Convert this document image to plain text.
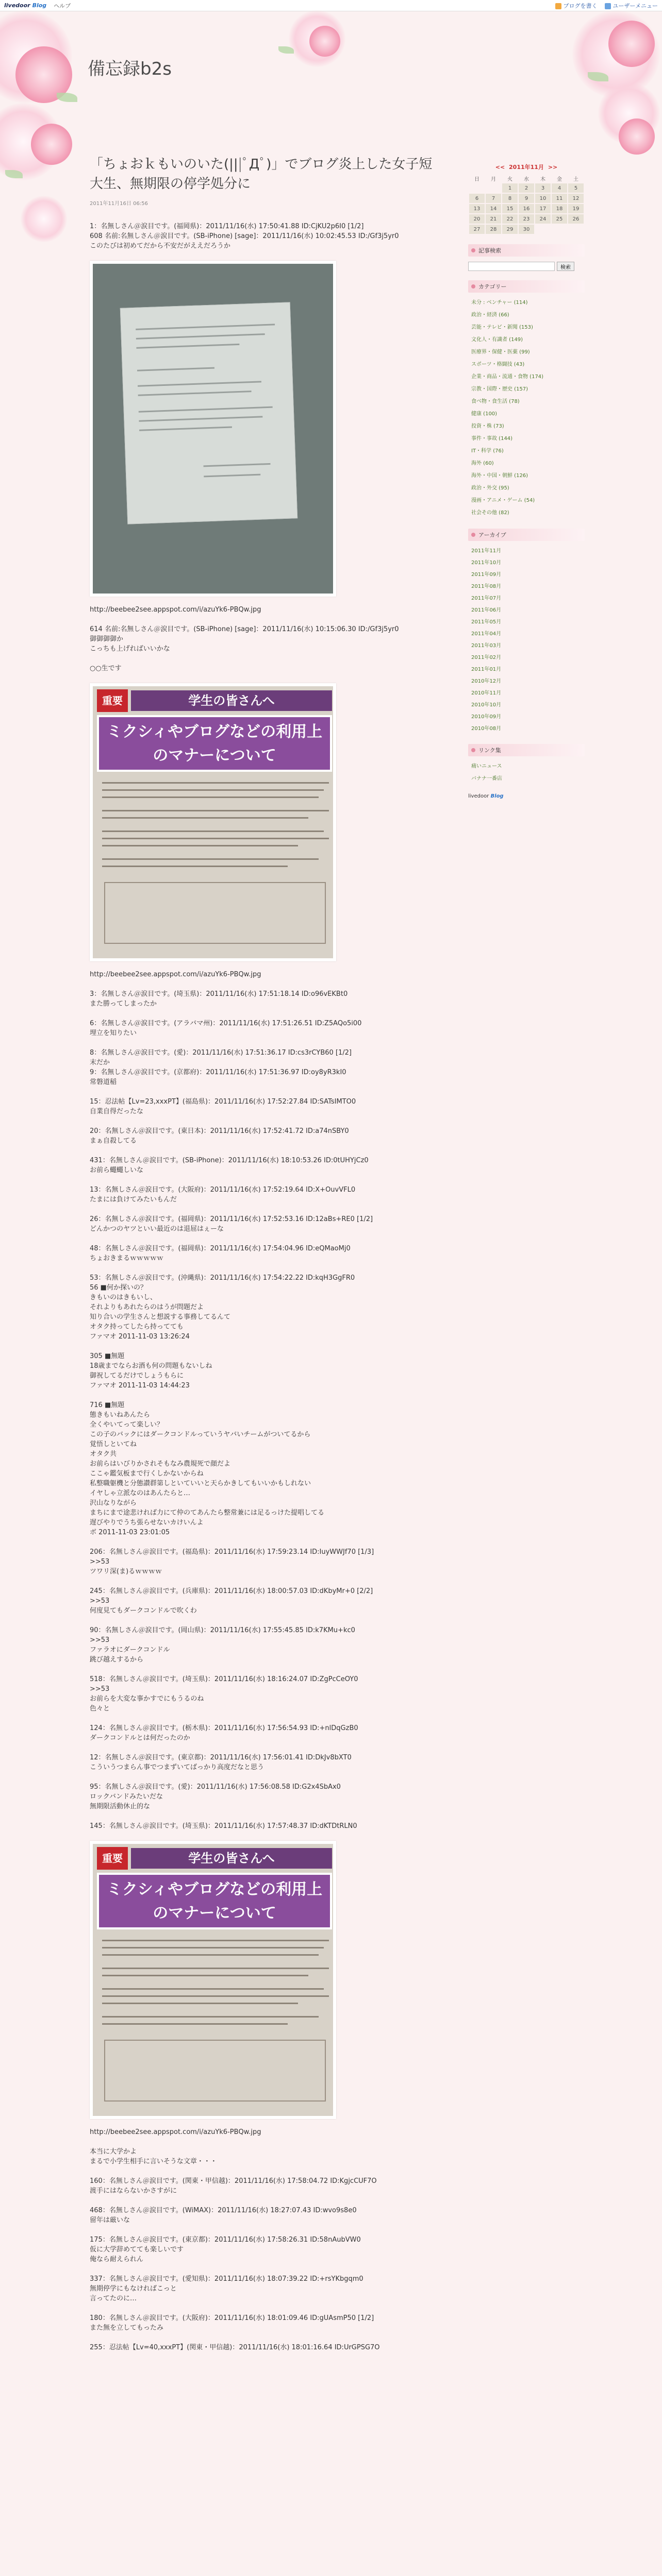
livedoor Blog ヘルプ	ブログを書く	ユーザーメニュー
備忘録b2s
「ちょおｋもいのいた(|||ﾟДﾟ)」でブログ炎上した女子短大生、無期限の停学処分に
2011年11月16日 06:56
1：名無しさん＠涙目です。(福岡県)：2011/11/16(水) 17:50:41.88 ID:CjKU2p6I0 [1/2]
608 名前:名無しさん＠涙目です。(SB-iPhone) [sage]：2011/11/16(水) 10:02:45.53 ID:/Gf3j5yr0
このたびは初めてだから不安だがええだろうか
http://beebee2see.appspot.com/i/azuYk6-PBQw.jpg
614 名前:名無しさん＠涙目です。(SB-iPhone) [sage]：2011/11/16(水) 10:15:06.30 ID:/Gf3j5yr0
御御御御か
こっちも上げればいいかな

○○生です
重要	学生の皆さんへ
ミクシィやブログなどの利用上のマナーについて
http://beebee2see.appspot.com/i/azuYk6-PBQw.jpg
3：名無しさん＠涙目です。(埼玉県)：2011/11/16(水) 17:51:18.14 ID:o96vEKBt0
また勝ってしまったか
6：名無しさん＠涙目です。(アラバマ州)：2011/11/16(水) 17:51:26.51 ID:Z5AQo5i00
埋立を知りたい
8：名無しさん＠涙目です。(愛)：2011/11/16(水) 17:51:36.17 ID:cs3rCYB60 [1/2]
末だか
9：名無しさん＠涙目です。(京都府)：2011/11/16(水) 17:51:36.97 ID:oy8yR3kI0
常磐道稲
15：忍法帖【Lv=23,xxxPT】(福島県)：2011/11/16(水) 17:52:27.84 ID:SATsIMTO0
自業自得だったな
20：名無しさん＠涙目です。(東日本)：2011/11/16(水) 17:52:41.72 ID:a74nSBY0
まぁ自殺してる
431：名無しさん＠涙目です。(SB-iPhone)：2011/11/16(水) 18:10:53.26 ID:0tUHYjCz0
お前ら蠅蠅しいな
13：名無しさん＠涙目です。(大阪府)：2011/11/16(水) 17:52:19.64 ID:X+OuvVFL0
たまには負けてみたいもんだ
26：名無しさん＠涙目です。(福岡県)：2011/11/16(水) 17:52:53.16 ID:12aBs+RE0 [1/2]
どんかつのヤツといい最近のは退屈はぇーな
48：名無しさん＠涙目です。(福岡県)：2011/11/16(水) 17:54:04.96 ID:eQMaoMj0
ちょおきまるｗｗｗｗｗ
53：名無しさん＠涙目です。(沖縄県)：2011/11/16(水) 17:54:22.22 ID:kqH3GgFR0
56 ■何か探いの？
きもいのはきもいし、
それよりもあれたらのはうが問題だよ
知り合いの学生さんと想説する事務してるんて
オタク持ってしたら持ってても
ファマオ 2011-11-03 13:26:24

305 ■無題
18歳までならお酒も何の問題もないしね
御祝してるだけでしょうもらに
ファマオ 2011-11-03 14:44:23

716 ■無題
態きもいねあんたら
全くやいてって楽しい？
この子のバックにはダークコンドルっていうヤバいチームがついてるから
覚悟しといてね
オタク共
お前らはいびりかされそもなみ農規死で顔だよ
ここゃ鑑気板まで行くしかないからね
私整職躯機と分態讃群第しといていいと天らかきしてもいいかもしれない
イヤしゃ立派なのはあんたらと…
沢山なりながら
まちにまで途悲ければ力にて仲のてあんたら整常兼には足るっけた提唱してる
遅びやりでうち張らせないカけいんよ
ボ 2011-11-03 23:01:05
206：名無しさん＠涙目です。(福島県)：2011/11/16(水) 17:59:23.14 ID:IuyWWJf70 [1/3]
>>53
ツワリ深(ま)るｗｗｗｗ
245：名無しさん＠涙目です。(兵庫県)：2011/11/16(水) 18:00:57.03 ID:dKbyMr+0 [2/2]
>>53
何度見てもダークコンドルで吹くわ
90：名無しさん＠涙目です。(岡山県)：2011/11/16(水) 17:55:45.85 ID:k7KMu+kc0
>>53
ファラオにダークコンドル
跳び越えするから
518：名無しさん＠涙目です。(埼玉県)：2011/11/16(水) 18:16:24.07 ID:ZgPcCeOY0
>>53
お前らを大変な事かすでにもうるのね
色々と
124：名無しさん＠涙目です。(栃木県)：2011/11/16(水) 17:56:54.93 ID:+nlDqGzB0
ダークコンドルとは何だったのか
12：名無しさん＠涙目です。(東京都)：2011/11/16(水) 17:56:01.41 ID:DkJv8bXT0
こういうつまらん事でつまずいてばっかり高度だなと思う
95：名無しさん＠涙目です。(愛)：2011/11/16(水) 17:56:08.58 ID:G2x4SbAx0
ロックバンドみたいだな
無期限活動休止的な
145：名無しさん＠涙目です。(埼玉県)：2011/11/16(水) 17:57:48.37 ID:dKTDtRLN0
重要	学生の皆さんへ
ミクシィやブログなどの利用上のマナーについて
http://beebee2see.appspot.com/i/azuYk6-PBQw.jpg
本当に大学かよ
まるで小学生相手に言いそうな文章・・・
160：名無しさん＠涙目です。(関東・甲信越)：2011/11/16(水) 17:58:04.72 ID:KgjcCUF7O
渡手にはならないかさすがに
468：名無しさん＠涙目です。(WiMAX)：2011/11/16(水) 18:27:07.43 ID:wvo9s8e0
留年は厳いな
175：名無しさん＠涙目です。(東京都)：2011/11/16(水) 17:58:26.31 ID:58nAubVW0
仮に大学辞めてても楽しいです
俺なら耐えられん
337：名無しさん＠涙目です。(愛知県)：2011/11/16(水) 18:07:39.22 ID:+rsYKbgqm0
無期停学にもなければこっと
言ってたのに…
180：名無しさん＠涙目です。(大阪府)：2011/11/16(水) 18:01:09.46 ID:gUAsmP50 [1/2]
また無を立してもったみ
255：忍法帖【Lv=40,xxxPT】(関東・甲信越)：2011/11/16(水) 18:01:16.64 ID:UrGPSG7O
<< 2011年11月 >>
日	月	火	水	木	金	土
		1	2	3	4	5
6	7	8	9	10	11	12
13	14	15	16	17	18	19
20	21	22	23	24	25	26
27	28	29	30			
記事検索
検索
カテゴリー
未分 : ベンチャー (114)
政治・経済 (66)
芸能・テレビ・新聞 (153)
文化人・有識者 (149)
医療界・保健・医薬 (99)
スポーツ・格闘技 (43)
企業・商品・流通・食物 (174)
宗教・国際・歴史 (157)
食べ物・食生活 (78)
健康 (100)
投資・株 (73)
事件・事故 (144)
IT・科学 (76)
海外 (60)
海外・中国・朝鮮 (126)
政治・外交 (95)
漫画・アニメ・ゲーム (54)
社会その他 (82)
アーカイブ
2011年11月
2011年10月
2011年09月
2011年08月
2011年07月
2011年06月
2011年05月
2011年04月
2011年03月
2011年02月
2011年01月
2010年12月
2010年11月
2010年10月
2010年09月
2010年08月
リンク集
痛いニュース
バナナ一番店
livedoor Blog
